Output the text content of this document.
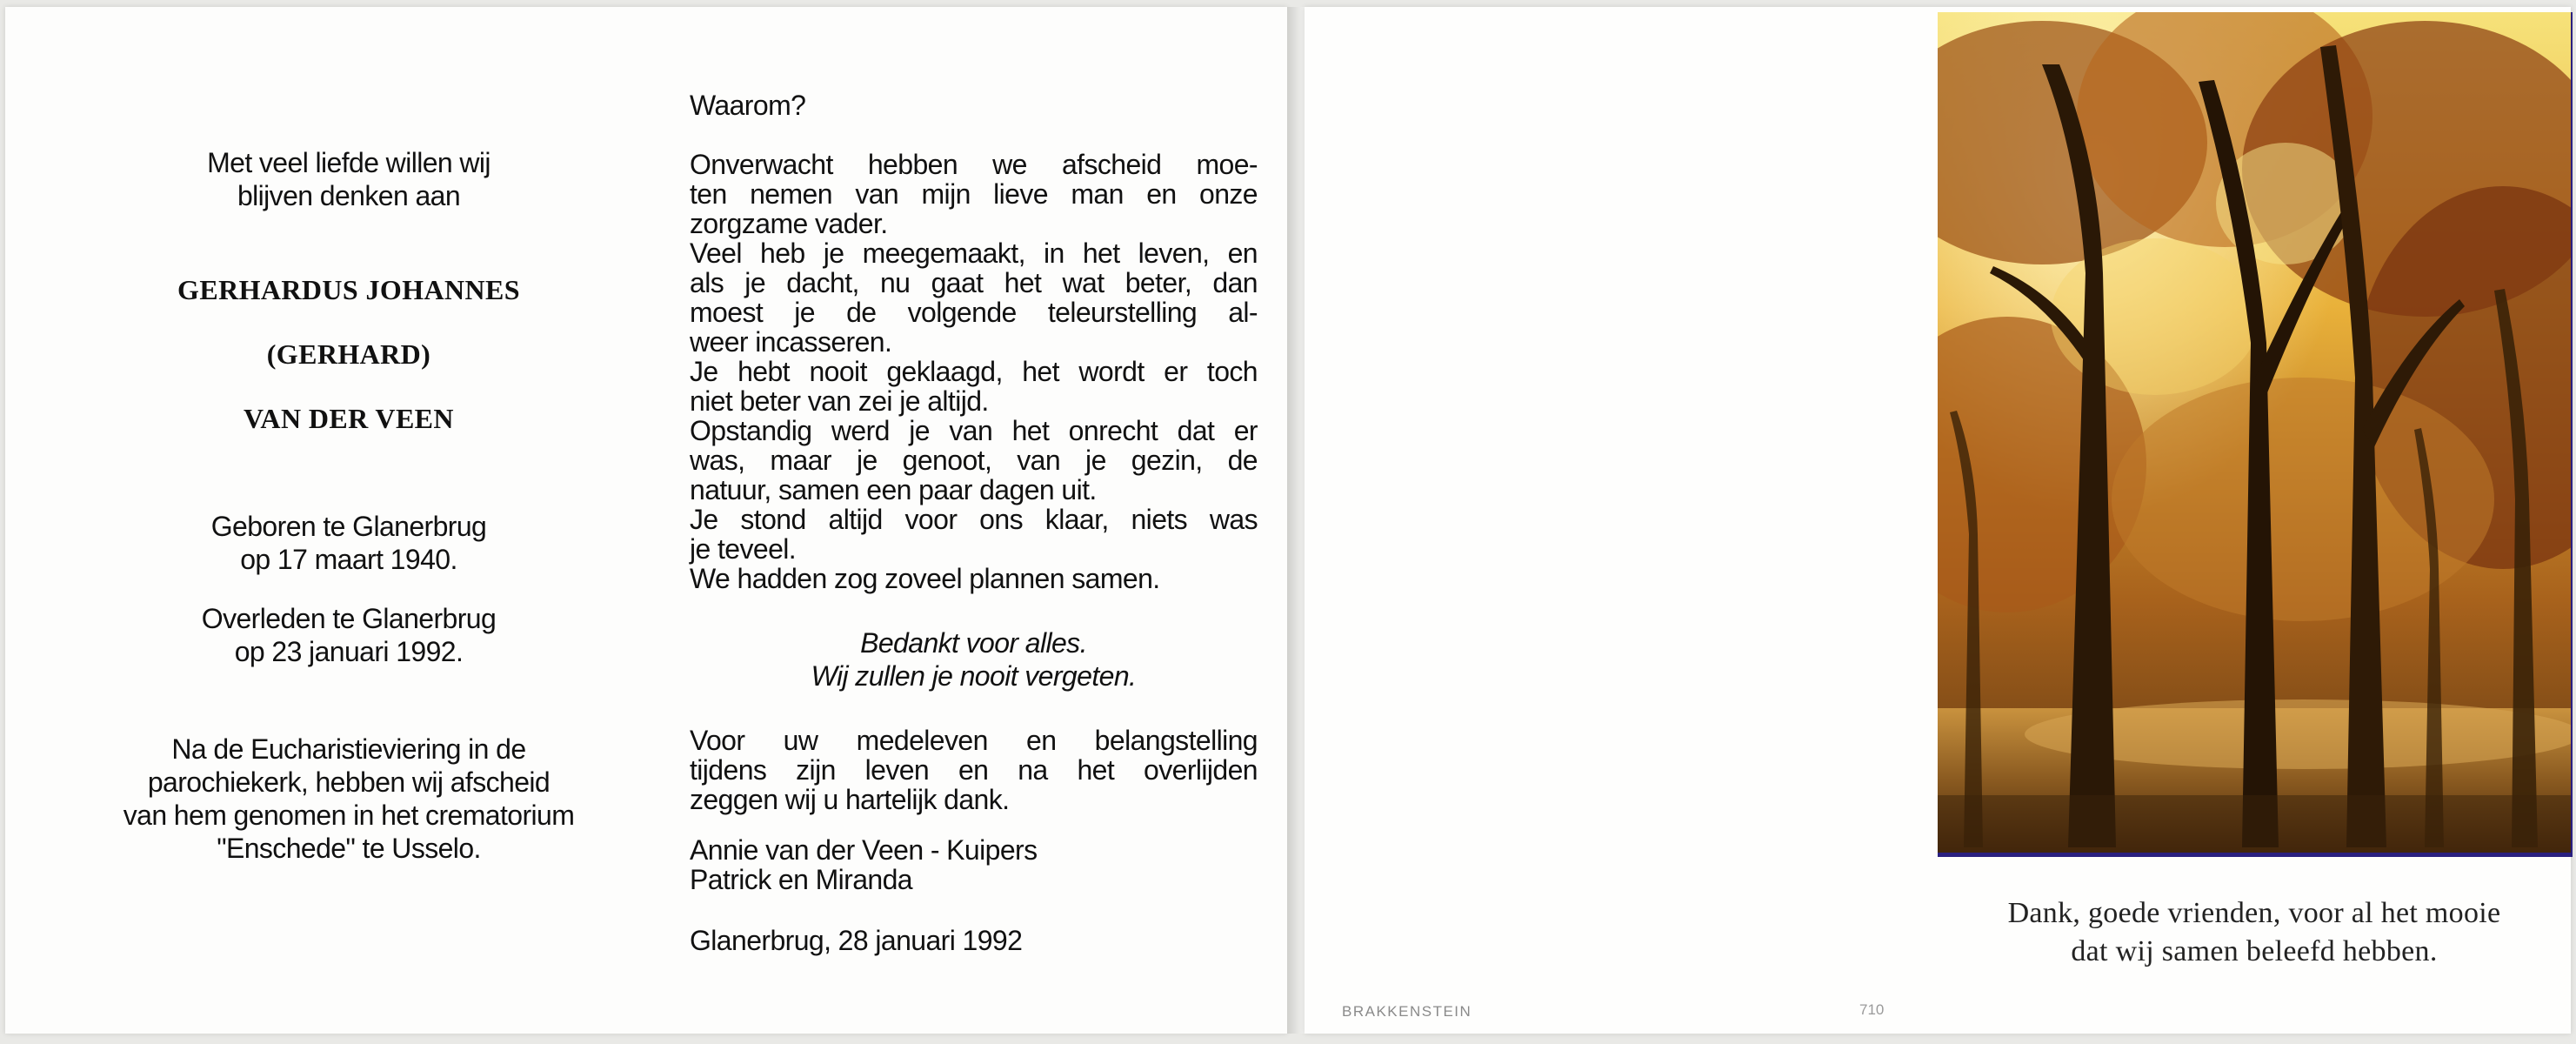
Met veel liefde willen wij
blijven denken aan

GERHARDUS JOHANNES

(GERHARD)

VAN DER VEEN

Geboren te Glanerbrug
op 17 maart 1940.

Overleden te Glanerbrug
op 23 januari 1992.

Na de Eucharistieviering in de
parochiekerk, hebben wij afscheid
van hem genomen in het crematorium
"Enschede" te Usselo.

Waarom?

Onverwacht hebben we afscheid moe-
ten nemen van mijn lieve man en onze
zorgzame vader.
Veel heb je meegemaakt, in het leven, en
als je dacht, nu gaat het wat beter, dan
moest je de volgende teleurstelling al-
weer incasseren.
Je hebt nooit geklaagd, het wordt er toch
niet beter van zei je altijd.
Opstandig werd je van het onrecht dat er
was, maar je genoot, van je gezin, de
natuur, samen een paar dagen uit.
Je stond altijd voor ons klaar, niets was
je teveel.
We hadden zog zoveel plannen samen.

Bedankt voor alles.
Wij zullen je nooit vergeten.

Voor uw medeleven en belangstelling
tijdens zijn leven en na het overlijden
zeggen wij u hartelijk dank.

Annie van der Veen - Kuipers
Patrick en Miranda

Glanerbrug, 28 januari 1992

Dank, goede vrienden, voor al het mooie

dat wij samen beleefd hebben.

BRAKKENSTEIN	710
